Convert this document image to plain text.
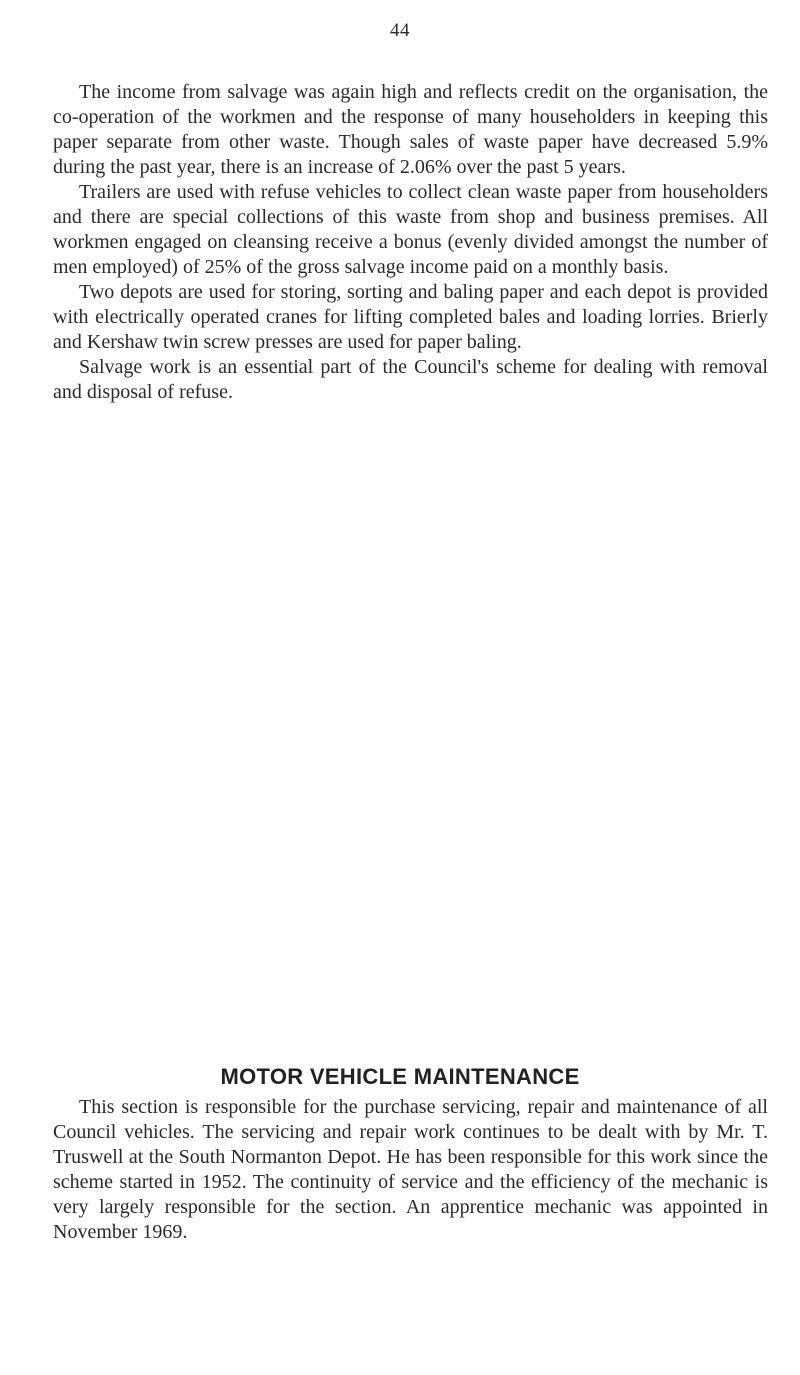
44

The income from salvage was again high and reflects credit on the organisation, the co-operation of the workmen and the response of many householders in keeping this paper separate from other waste. Though sales of waste paper have decreased 5.9% during the past year, there is an increase of 2.06% over the past 5 years.

Trailers are used with refuse vehicles to collect clean waste paper from householders and there are special collections of this waste from shop and business premises. All workmen engaged on cleansing receive a bonus (evenly divided amongst the number of men employed) of 25% of the gross salvage income paid on a monthly basis.

Two depots are used for storing, sorting and baling paper and each depot is provided with electrically operated cranes for lifting completed bales and loading lorries. Brierly and Kershaw twin screw presses are used for paper baling.

Salvage work is an essential part of the Council's scheme for dealing with removal and disposal of refuse.

MOTOR VEHICLE MAINTENANCE

This section is responsible for the purchase servicing, repair and maintenance of all Council vehicles. The servicing and repair work continues to be dealt with by Mr. T. Truswell at the South Normanton Depot. He has been responsible for this work since the scheme started in 1952. The continuity of service and the efficiency of the mechanic is very largely responsible for the section. An apprentice mechanic was appointed in November 1969.
